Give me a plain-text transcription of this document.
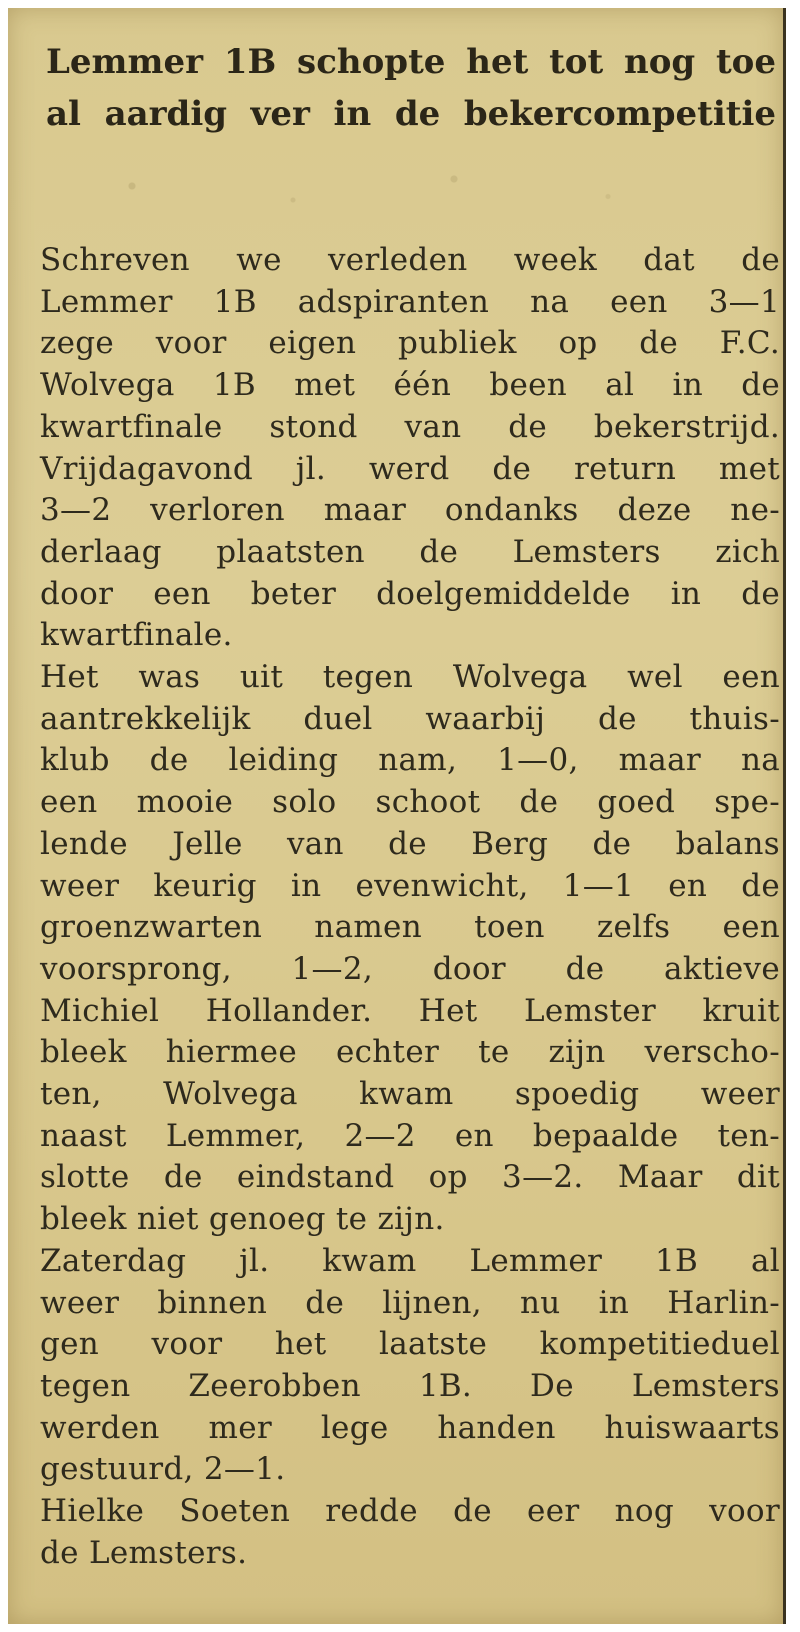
Lemmer 1B schopte het tot nog toe
al aardig ver in de bekercompetitie
Schreven we verleden week dat de
Lemmer 1B adspiranten na een 3—1
zege voor eigen publiek op de F.C.
Wolvega 1B met één been al in de
kwartfinale stond van de bekerstrijd.
Vrijdagavond jl. werd de return met
3—2 verloren maar ondanks deze ne-
derlaag plaatsten de Lemsters zich
door een beter doelgemiddelde in de
kwartfinale.
Het was uit tegen Wolvega wel een
aantrekkelijk duel waarbij de thuis-
klub de leiding nam, 1—0, maar na
een mooie solo schoot de goed spe-
lende Jelle van de Berg de balans
weer keurig in evenwicht, 1—1 en de
groenzwarten namen toen zelfs een
voorsprong, 1—2, door de aktieve
Michiel Hollander. Het Lemster kruit
bleek hiermee echter te zijn verscho-
ten, Wolvega kwam spoedig weer
naast Lemmer, 2—2 en bepaalde ten-
slotte de eindstand op 3—2. Maar dit
bleek niet genoeg te zijn.
Zaterdag jl. kwam Lemmer 1B al
weer binnen de lijnen, nu in Harlin-
gen voor het laatste kompetitieduel
tegen Zeerobben 1B. De Lemsters
werden mer lege handen huiswaarts
gestuurd, 2—1.
Hielke Soeten redde de eer nog voor
de Lemsters.
